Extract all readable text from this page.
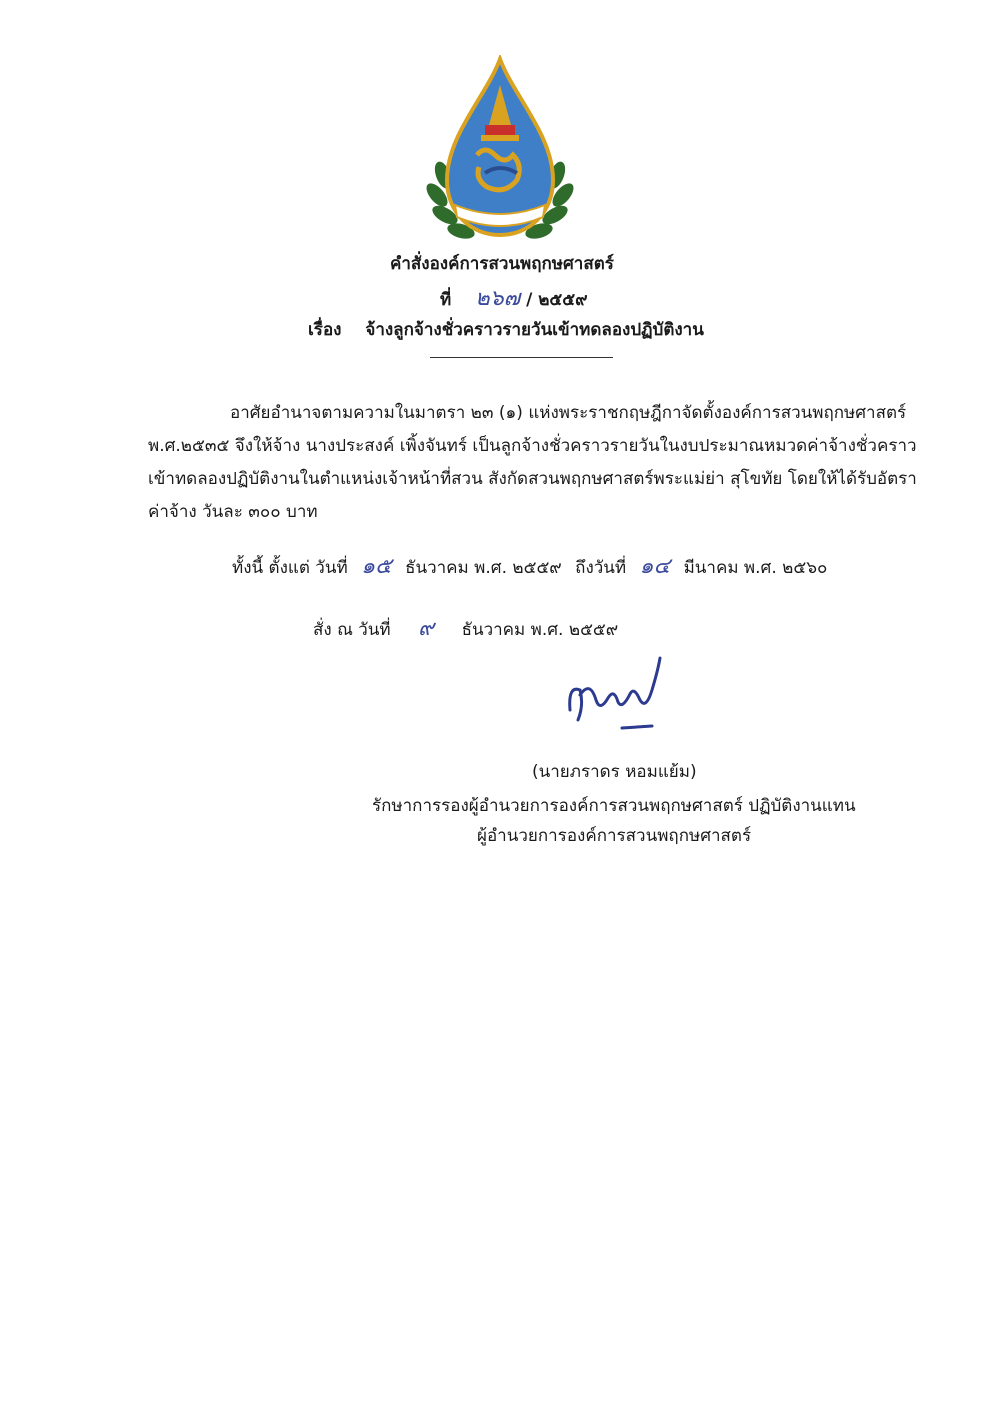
คำสั่งองค์การสวนพฤกษศาสตร์
ที่ ๒๖๗ / ๒๕๕๙
เรื่อง จ้างลูกจ้างชั่วคราวรายวันเข้าทดลองปฏิบัติงาน
อาศัยอำนาจตามความในมาตรา ๒๓ (๑) แห่งพระราชกฤษฎีกาจัดตั้งองค์การสวนพฤกษศาสตร์
พ.ศ.๒๕๓๕ จึงให้จ้าง นางประสงค์ เพิ้งจันทร์ เป็นลูกจ้างชั่วคราวรายวันในงบประมาณหมวดค่าจ้างชั่วคราว
เข้าทดลองปฏิบัติงานในตำแหน่งเจ้าหน้าที่สวน สังกัดสวนพฤกษศาสตร์พระแม่ย่า สุโขทัย โดยให้ได้รับอัตรา
ค่าจ้าง วันละ ๓๐๐ บาท
ทั้งนี้ ตั้งแต่ วันที่ ๑๕ ธันวาคม พ.ศ. ๒๕๕๙ ถึงวันที่ ๑๔ มีนาคม พ.ศ. ๒๕๖๐
สั่ง ณ วันที่ ๙ ธันวาคม พ.ศ. ๒๕๕๙
(นายภราดร หอมแย้ม)
รักษาการรองผู้อำนวยการองค์การสวนพฤกษศาสตร์ ปฏิบัติงานแทน
ผู้อำนวยการองค์การสวนพฤกษศาสตร์
